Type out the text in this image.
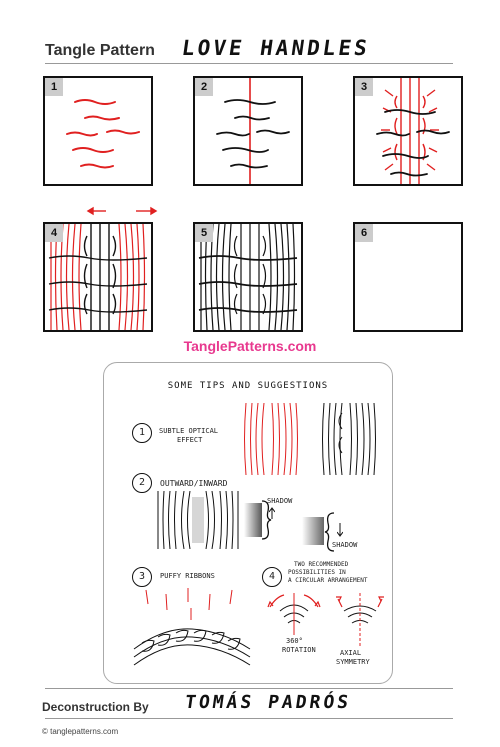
Tangle Pattern LOVE HANDLES
1	2	3
4	5	6
TanglePatterns.com
SOME TIPS AND SUGGESTIONS
1	SUBTLE OPTICAL
EFFECT
2	OUTWARD/INWARD
SHADOW
SHADOW
3	PUFFY RIBBONS	4
TWO RECOMMENDED
POSSIBILITIES IN
A CIRCULAR ARRANGEMENT
360°
ROTATION	AXIAL
SYMMETRY
Deconstruction By TOMÁS PADRÓS
© tanglepatterns.com
